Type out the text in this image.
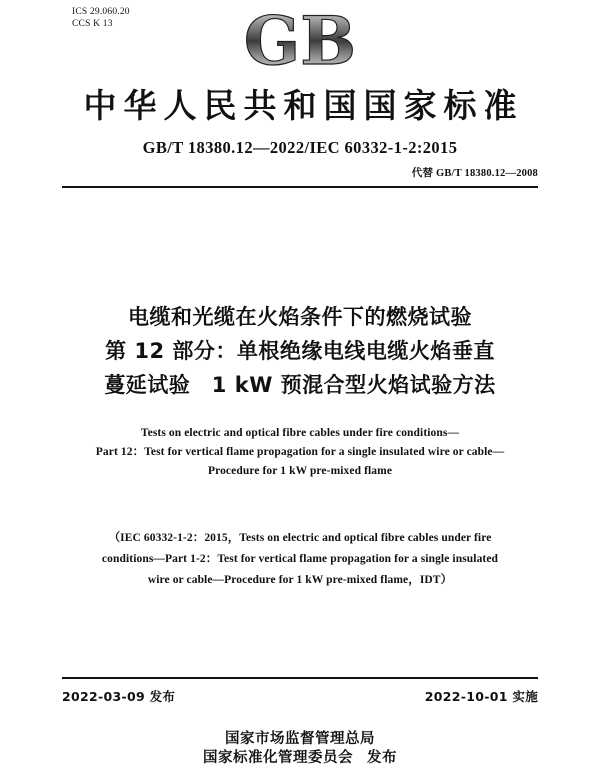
ICS 29.060.20
CCS K 13 GB
中华人民共和国国家标准
GB/T 18380.12—2022/IEC 60332-1-2:2015
代替 GB/T 18380.12—2008
电缆和光缆在火焰条件下的燃烧试验
第 12 部分：单根绝缘电线电缆火焰垂直
蔓延试验　1 kW 预混合型火焰试验方法
Tests on electric and optical fibre cables under fire conditions—
Part 12：Test for vertical flame propagation for a single insulated wire or cable—
Procedure for 1 kW pre-mixed flame
（IEC 60332-1-2：2015，Tests on electric and optical fibre cables under fire
conditions—Part 1-2：Test for vertical flame propagation for a single insulated
wire or cable—Procedure for 1 kW pre-mixed flame，IDT）
2022-03-09 发布	2022-10-01 实施
国家市场监督管理总局
国家标准化管理委员会 发布
